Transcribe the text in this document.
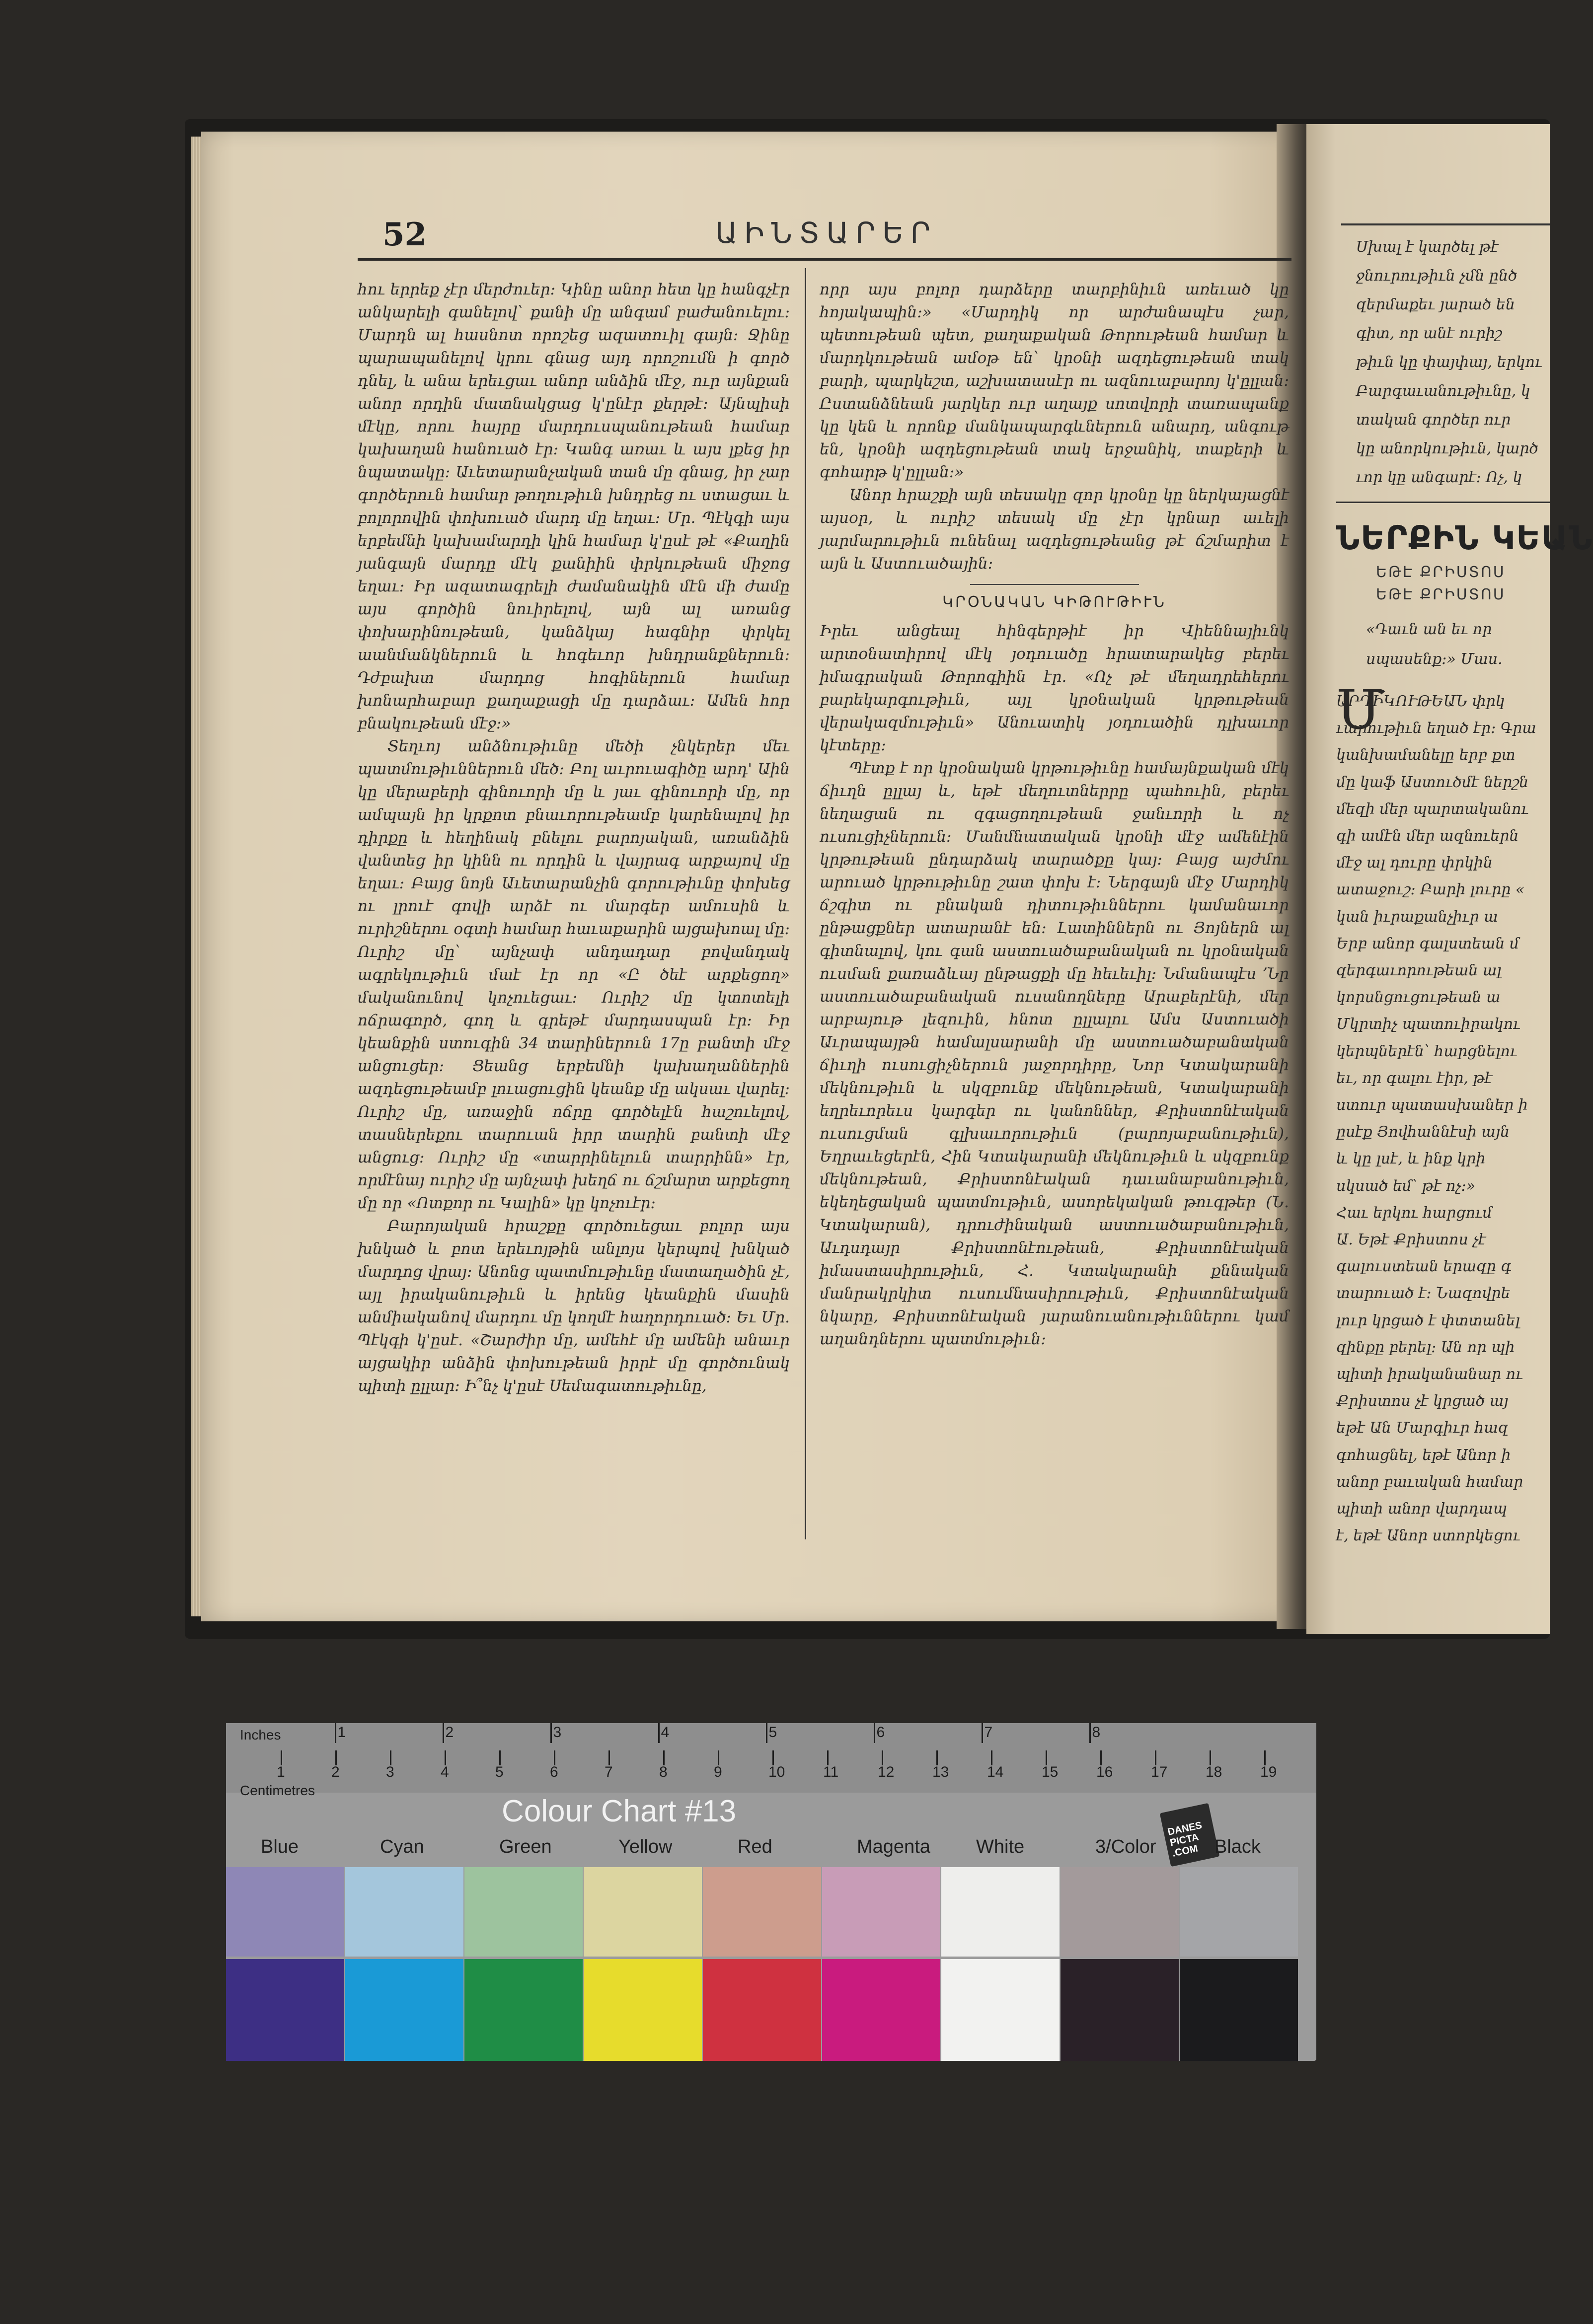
52	ԱԻՆՏԱՐԵՐ

հու երրեք չէր մերժուեր։ Կինը անոր հետ կը հանգչէր անկարելի գանելով՝ քանի մը անգամ բաժանուելու։ Մարդն ալ հասնոտ որոշեց ազատուիլ գայն։ Ջինը պարապանելով կրու գնաց այդ որոշումն ի գործ դնել, և անա երեւցաւ անոր անձին մէջ, ուր այնքան անոր որդին մատնակցաց կ'ընէր քերթէ։ Այնպիսի մէկը, որու հայրը մարդուսպանութեան համար կախաղան հանուած էր։ Կանգ առաւ և այս լքեց իր նպատակը։ Աւետարանչական տան մը գնաց, իր չար գործերուն համար թողութիւն խնդրեց ու ստացաւ և բոլորովին փոխուած մարդ մը եղաւ։ Մր. Պէկգի այս երբեմնի կախամարդի կին համար կ'ըսէ թէ «Քաղին յանգայն մարդը մէկ քանիին փրկութեան միջոց եղաւ։ Իր ազատագրելի ժամանակին մէն մի ժամը այս գործին նուիրելով, այն ալ առանց փոխարինութեան, կանձկայ հագնիր փրկել աանմանկներուն և հոգեւոր խնդրանքներուն։ Դժբախտ մարդոց հոգիներուն համար խոնարհաբար քաղաքացի մը դարձաւ։ Ամեն հոր բնակութեան մէջ։»

Տեղւոյ անձնութիւնը մեծի չնկերեր մեւ պատմութիւններուն մեծ։ Բոլ աւրուագիծը արդ' Աին կը մերաբերի գինուորի մը և յաւ գինուորի մը, որ ամպայն իր կրքոտ բնաւորութեամբ կարենալով իր դիրքը և հեղինակ բնելու բարոյական, առանձին վանտեց իր կինն ու որդին և վայրագ արքայով մը եղաւ։ Բայց նոյն Աւետարանչին գորութիւնը փոխեց ու լրուէ գովի արձէ ու մարգեր ամուսին և ուրիշներու օգտի համար հաւաքարին այցախոալ մը։ Ուրիշ մը՝ այնչափ անդադար բովանդակ ագրեկութիւն մաէ էր որ «Ը ծեէ արքեցող» մականունով կոչուեցաւ։ Ուրիշ մը կտոտելի ոճրագործ, գող և գրեթէ մարդասպան էր։ Իր կեանքին ստուգին 34 տարիներուն 17ը բանտի մէջ անցուցեր։ Ցեանց երբեմնի կախաղաններին ազդեցութեամբ լուացուցին կեանք մը ակսաւ վարել։ Ուրիշ մը, առաջին ոճրը գործելէն հաշուելով, տասներեքու տարուան իրր տարին բանտի մէջ անցուց։ Ուրիշ մը «տարրինելուն տարրինն» էր, որմէնայ ուրիշ մը այնչափ խեղճ ու ճշմարտ արքեցող մը որ «Ոտքոր ու Կալին» կը կոչուէր։

Բարոյական հրաշքը գործուեցաւ բոլոր այս խնկած և բոտ երեւոյթին անլոյս կերպով խնկած մարդոց վրայ։ Անոնց պատմութիւնը մատաղածին չէ, այլ իրականութիւն և իրենց կեանքին մասին անմիականով մարդու մը կողմէ հաղորդուած։ Եւ Մր. Պէկգի կ'ըսէ. «Շարժիր մը, ամեհէ մը ամենի անաւր այցակիր անձին փոխութեան իրրէ մը գործունակ պիտի ըլլար։ Ի՞նչ կ'ըսէ Սեմագատութիւնը,

որր այս բոլոր դարձերը տարբինիւն առեւած կը հոյակապին։» «Մարդիկ որ արժանապէս չար, պետութեան պետ, քաղաքական Թորութեան համար և մարդկութեան ամօթ են՝ կրօնի ազդեցութեան տակ բարի, պարկեշտ, աշխատասէր ու ազնուաբարոյ կ'ըլլան։ Ըստանձնեան յարկեր ուր աղայք սոտվորի տառապանք կը կեն և որոնք մանկապարգևներուն անարդ, անգութ են, կրօնի ազդեցութեան տակ երջանիկ, տաքերի և գոհարթ կ'ըլլան։»

Անոր հրաշքի այն տեսակը զոր կրօնը կը ներկայացնէ այսօր, և ուրիշ տեսակ մը չէր կրնար աւելի յարմարութիւն ունենալ ազդեցութեանց թէ ճշմարիտ է այն և Աստուածային։

ԿՐՕՆԱԿԱՆ ԿԻԹՈՒԹԻՒՆ

Իրեւ անցեալ հինգերթիէ իր Վիեննայիւնկ արտօնատիրով մէկ յօդուածը հրատարակեց բերեւ իմագրական Թորոգիին էր. «Ոչ թէ մեղադրեհերու բարեկարգութիւն, այլ կրօնական կրթութեան վերակազմութիւն» Անուատիկ յօդուածին դլխաւոր կէտերը։

Պէտք է որ կրօնական կրթութիւնը համայնքական մէկ ճիւղն ըլլայ և, եթէ մեղուտներրը պահուին, բերեւ նեղացան ու զգացողութեան ջանւորի և ոչ ուսուցիչներուն։ Մանմնատական կրօնի մէջ ամենէին կրթութեան ընդարձակ տարածքը կայ։ Բայց այժմու արուած կրթութիւնը շատ փոխ է։ Ներգայն մէջ Մարդիկ ճշգիտ ու բնական դիտութիւններու կամանաւոր ընթացքներ ատարանէ են։ Լատիններն ու Յոյներն ալ գիտնալով, կու գան աստուածաբանական ու կրօնական ուսման քառաձևայ ընթացքի մը հեւեւիլ։ Նմանապէս ՚Նր աստուածաբանական ուսանողները Արաբերէնի, մեր արբայութ լեզուին, հնոտ ըլլալու Ամս Աստուածի Աւրապայթն համալսարանի մը աստուածաբանական ճիւղի ուսուցիչներուն յաջորդիրը, Նոր Կտակարանի մեկնութիւն և սկզբունք մեկնութեան, Կտակարանի եղրեւորեւս կարգեր ու կանոններ, Քրիստոնէական ուսուցման գլխաւորութիւն (բարոյաբանութիւն), Եղրաւեցերէն, Հին Կտակարանի մեկնութիւն և սկզբունք մեկնութեան, Քրիստոնէական դաւանաբանութիւն, եկեղեցական պատմութիւն, ասորեկական թուգթեր (Ն. Կտակարան), դրուժինական աստուածաբանութիւն, Աւդսդայր Քրիստոնէութեան, Քրիստոնէական իմաստասիրութիւն, Հ. Կտակարանի քննական մանրակրկիտ ուսումնասիրութիւն, Քրիստոնէական նկարը, Քրիստոնէական յարանուանութիւններու կամ աղանդներու պատմութիւն։

Սխալ է կարծել թէ
ջնուրութիւն չմն ընծ
զերմաքեւ յարած են
գիտ, որ անէ ուրիշ
թիւն կը փայփայ, երկու
Բարգաւանութիւնը, կ
տական գործեր ուր
կը անորկութիւն, կարծ
ւոր կը անգարէ։ Ոչ, կ
ՆԵՐՔԻՆ ԿԵԱՆ
ԵԹԷ ՔՐԻՍՏՈՍ
ԵԹԷ ՔՐԻՍՏՈՍ
«Դաւն ան եւ որ
սպասենք։» Մաս.
Մ
ԱՐԴԻԿՈՒԹԵԱՆ փրկ
ւարութիւն եղած էր։ Գրա
կանխամանելը երբ քտ
մը կաֆ Աստուծմէ ներշն
մեզի մեր պարտականու
գի ամէն մեր ազնուերն
մէջ ալ դուրը փրկին
ատաջուշ։ Բարի լուրը «
կան իւրաքանչիւր ա
Երբ անոր գալստեան մ
զերգաւորութեան ալ
կորսնցուցութեան ա
Մկրտիչ պատուիրակու
կերպներէն՝ հարցնելու
եւ, որ գալու էիր, թէ
ստուր պատասխաներ ի
ըսէք Յովհաննէսի այն
և կը լսէ, և ինք կրի
սկսած եմ՝ թէ ոչ։»
Հաւ երկու հարցում
Ա. Եթէ Քրիստոս չէ
գալուստեան երազը գ
տարուած է։ Նազովրե
լուր կրցած է փտտանել
զինքը բերել։ Ան որ պի
պիտի իրականանար ու
Քրիստոս չէ կրցած այ
եթէ Ան Մարգիւր հազ
գոհացնել, եթէ Անոր ի
անոր բաւական համար
պիտի անոր վարդապ
է, եթէ Անոր ստորկեցու
Inches
Centimetres
1	2	3	4	5	6	7	8
1	2	3	4	5	6	7	8	9	10	11	12	13	14	15	16	17	18	19
Colour Chart #13
DANES PICTA .COM
Blue	Cyan	Green	Yellow	Red	Magenta White	3/Color	Black
